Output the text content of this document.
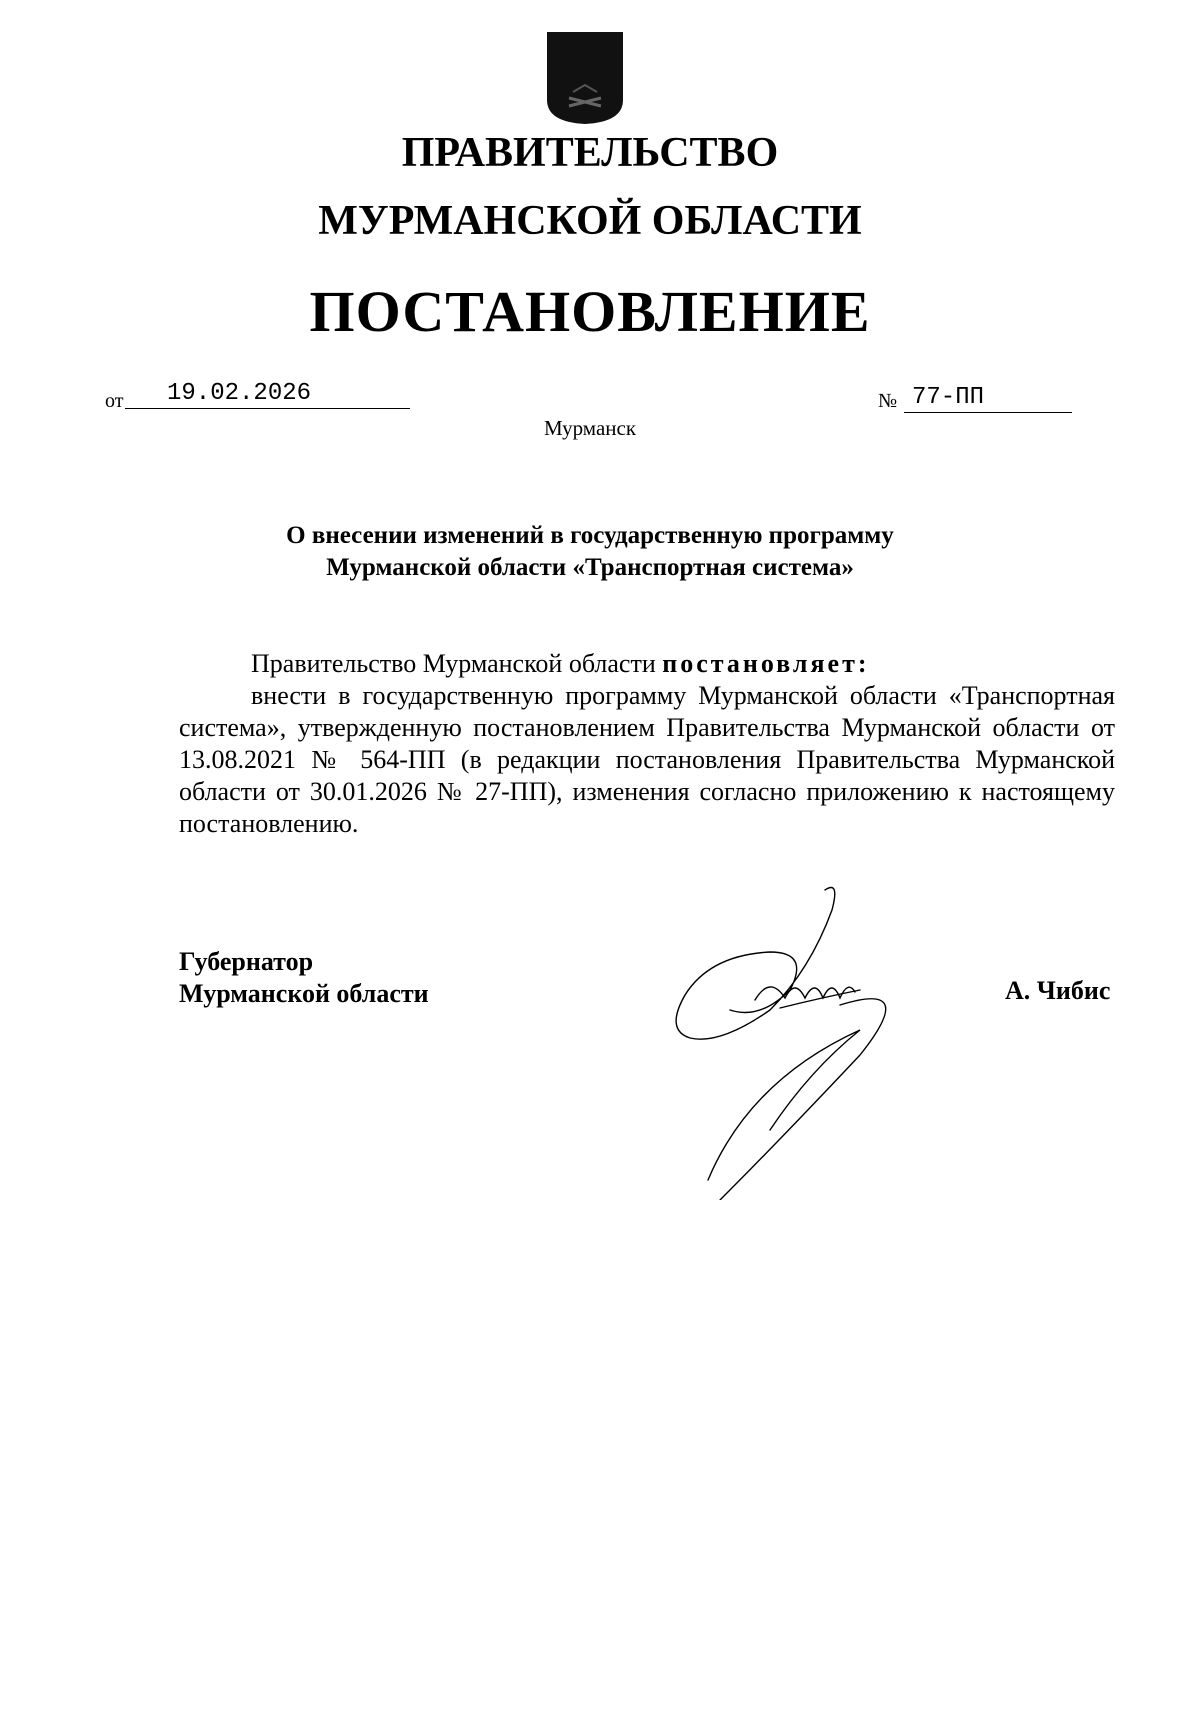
ПРАВИТЕЛЬСТВО
МУРМАНСКОЙ ОБЛАСТИ
ПОСТАНОВЛЕНИЕ
от	19.02.2026	№ 77-ПП
Мурманск
О внесении изменений в государственную программу
Мурманской области «Транспортная система»

Правительство Мурманской области постановляет:

внести в государственную программу Мурманской области «Транспортная система», утвержденную постановлением Правительства Мурманской области от 13.08.2021 № 564-ПП (в редакции постановления Правительства Мурманской области от 30.01.2026 № 27-ПП), изменения согласно приложению к настоящему постановлению.

Губернатор
Мурманской области	А. Чибис
